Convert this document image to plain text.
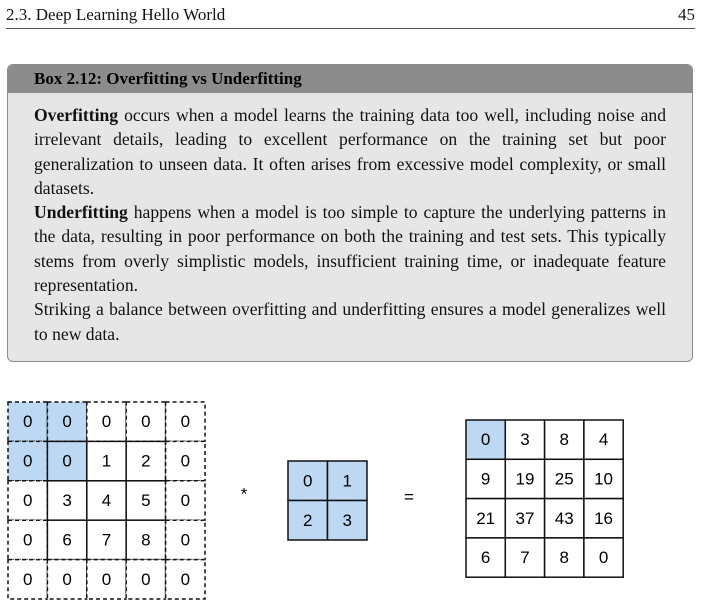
2.3. Deep Learning Hello World	45
Box 2.12: Overfitting vs Underfitting

Overfitting occurs when a model learns the training data too well, including noise and irrelevant details, leading to excellent performance on the training set but poor generalization to unseen data. It often arises from excessive model complexity, or small datasets.

Underfitting happens when a model is too simple to capture the underlying patterns in the data, resulting in poor performance on both the training and test sets. This typically stems from overly simplistic models, insufficient training time, or inadequate feature representation.

Striking a balance between overfitting and underfitting ensures a model generalizes well to new data.

0 0 0 0 0
0 0 1 2 0
0 3 4 5 0
0 6 7 8 0
0 0 0 0 0
*
0 1
2 3
=
0 3 8 4
9 19 25 10
21 37 43 16
6 7 8 0
